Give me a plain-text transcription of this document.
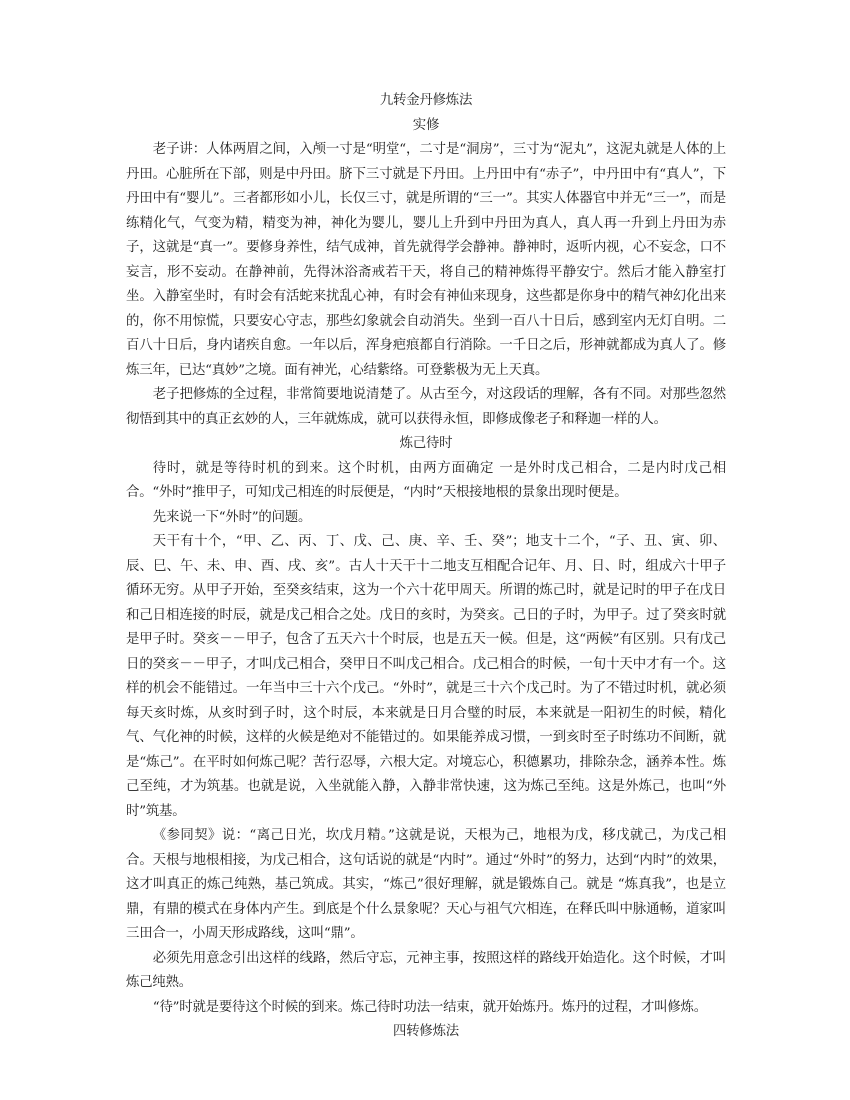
九转金丹修炼法
实修

老子讲：人体两眉之间，入颅一寸是“明堂“，二寸是“洞房”，三寸为“泥丸”，这泥丸就是人体的上丹田。心脏所在下部，则是中丹田。脐下三寸就是下丹田。上丹田中有“赤子”，中丹田中有“真人”，下丹田中有“婴儿”。三者都形如小儿，长仅三寸，就是所谓的“三一”。其实人体器官中并无“三一”，而是练精化气，气变为精，精变为神，神化为婴儿，婴儿上升到中丹田为真人，真人再一升到上丹田为赤子，这就是“真一”。要修身养性，结气成神，首先就得学会静神。静神时，返听内视，心不妄念，口不妄言，形不妄动。在静神前，先得沐浴斋戒若干天，将自己的精神炼得平静安宁。然后才能入静室打坐。入静室坐时，有时会有活蛇来扰乱心神，有时会有神仙来现身，这些都是你身中的精气神幻化出来的，你不用惊慌，只要安心守志，那些幻象就会自动消失。坐到一百八十日后，感到室内无灯自明。二百八十日后，身内诸疾自愈。一年以后，浑身疤痕都自行消除。一千日之后，形神就都成为真人了。修炼三年，已达“真妙”之境。面有神光，心结紫络。可登紫极为无上天真。

老子把修炼的全过程，非常简要地说清楚了。从古至今，对这段话的理解，各有不同。对那些忽然彻悟到其中的真正玄妙的人，三年就炼成，就可以获得永恒，即修成像老子和释迦一样的人。

炼己待时

待时，就是等待时机的到来。这个时机，由两方面确定 一是外时戊己相合，二是内时戊己相合。“外时”推甲子，可知戊己相连的时辰便是，“内时”天根接地根的景象出现时便是。

先来说一下“外时”的问题。

天干有十个，“甲、乙、丙、丁、戊、己、庚、辛、壬、癸”；地支十二个，“子、丑、寅、卯、辰、巳、午、未、申、酉、戌、亥”。古人十天干十二地支互相配合记年、月、日、时，组成六十甲子循环无穷。从甲子开始，至癸亥结束，这为一个六十花甲周天。所谓的炼己时，就是记时的甲子在戊日和己日相连接的时辰，就是戊己相合之处。戊日的亥时，为癸亥。己日的子时，为甲子。过了癸亥时就是甲子时。癸亥－－甲子，包含了五天六十个时辰，也是五天一候。但是，这“两候”有区别。只有戊己日的癸亥－－甲子，才叫戊己相合，癸甲日不叫戊己相合。戊己相合的时候，一旬十天中才有一个。这样的机会不能错过。一年当中三十六个戊己。“外时”，就是三十六个戊己时。为了不错过时机，就必须每天亥时炼，从亥时到子时，这个时辰，本来就是日月合璧的时辰，本来就是一阳初生的时候，精化气、气化神的时候，这样的火候是绝对不能错过的。如果能养成习惯，一到亥时至子时练功不间断，就是“炼己”。在平时如何炼己呢？苦行忍辱，六根大定。对境忘心，积德累功，排除杂念，涵养本性。炼己至纯，才为筑基。也就是说，入坐就能入静，入静非常快速，这为炼己至纯。这是外炼己，也叫“外时”筑基。

《参同契》说：“离己日光，坎戊月精。”这就是说，天根为己，地根为戊，移戊就己，为戊己相合。天根与地根相接，为戊己相合，这句话说的就是“内时”。通过“外时”的努力，达到“内时”的效果，这才叫真正的炼己纯熟，基己筑成。其实，“炼己”很好理解，就是锻炼自己。就是 “炼真我”，也是立鼎，有鼎的模式在身体内产生。到底是个什么景象呢？天心与祖气穴相连，在释氏叫中脉通畅，道家叫三田合一，小周天形成路线，这叫“鼎”。

必须先用意念引出这样的线路，然后守忘，元神主事，按照这样的路线开始造化。这个时候，才叫炼己纯熟。

“待”时就是要待这个时候的到来。炼己待时功法一结束，就开始炼丹。炼丹的过程，才叫修炼。

四转修炼法
